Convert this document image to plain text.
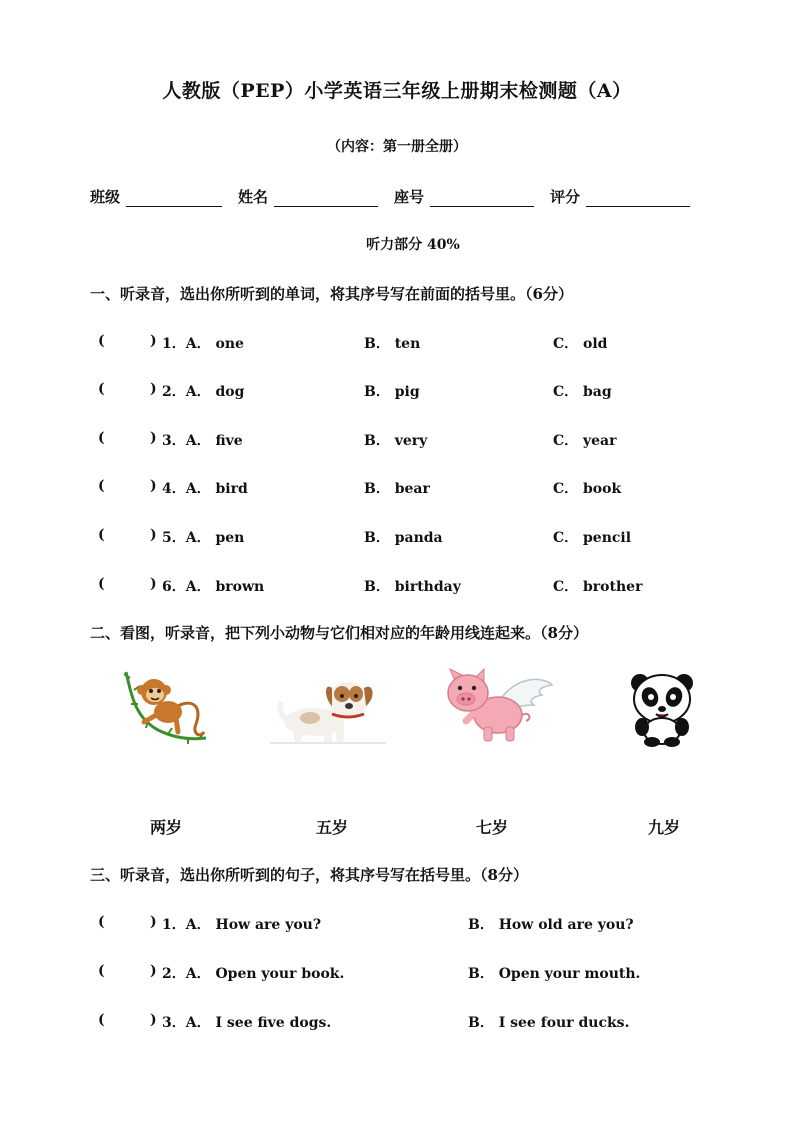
人教版（PEP）小学英语三年级上册期末检测题（A）
（内容：第一册全册）
班级	姓名	座号	评分
听力部分 40%
一、听录音，选出你所听到的单词，将其序号写在前面的括号里。（6分）
(	) 1．A． one	B． ten	C． old
(	) 2．A． dog	B． pig	C． bag
(	) 3．A． five	B． very	C． year
(	) 4．A． bird	B． bear	C． book
(	) 5．A． pen	B． panda	C． pencil
(	) 6．A． brown	B． birthday	C． brother
二、看图，听录音，把下列小动物与它们相对应的年龄用线连起来。（8分）
两岁	五岁	七岁	九岁
三、听录音，选出你所听到的句子，将其序号写在括号里。（8分）
(	) 1．A． How are you?	B． How old are you?
(	) 2．A． Open your book.	B． Open your mouth.
(	) 3．A． I see five dogs.	B． I see four ducks.
